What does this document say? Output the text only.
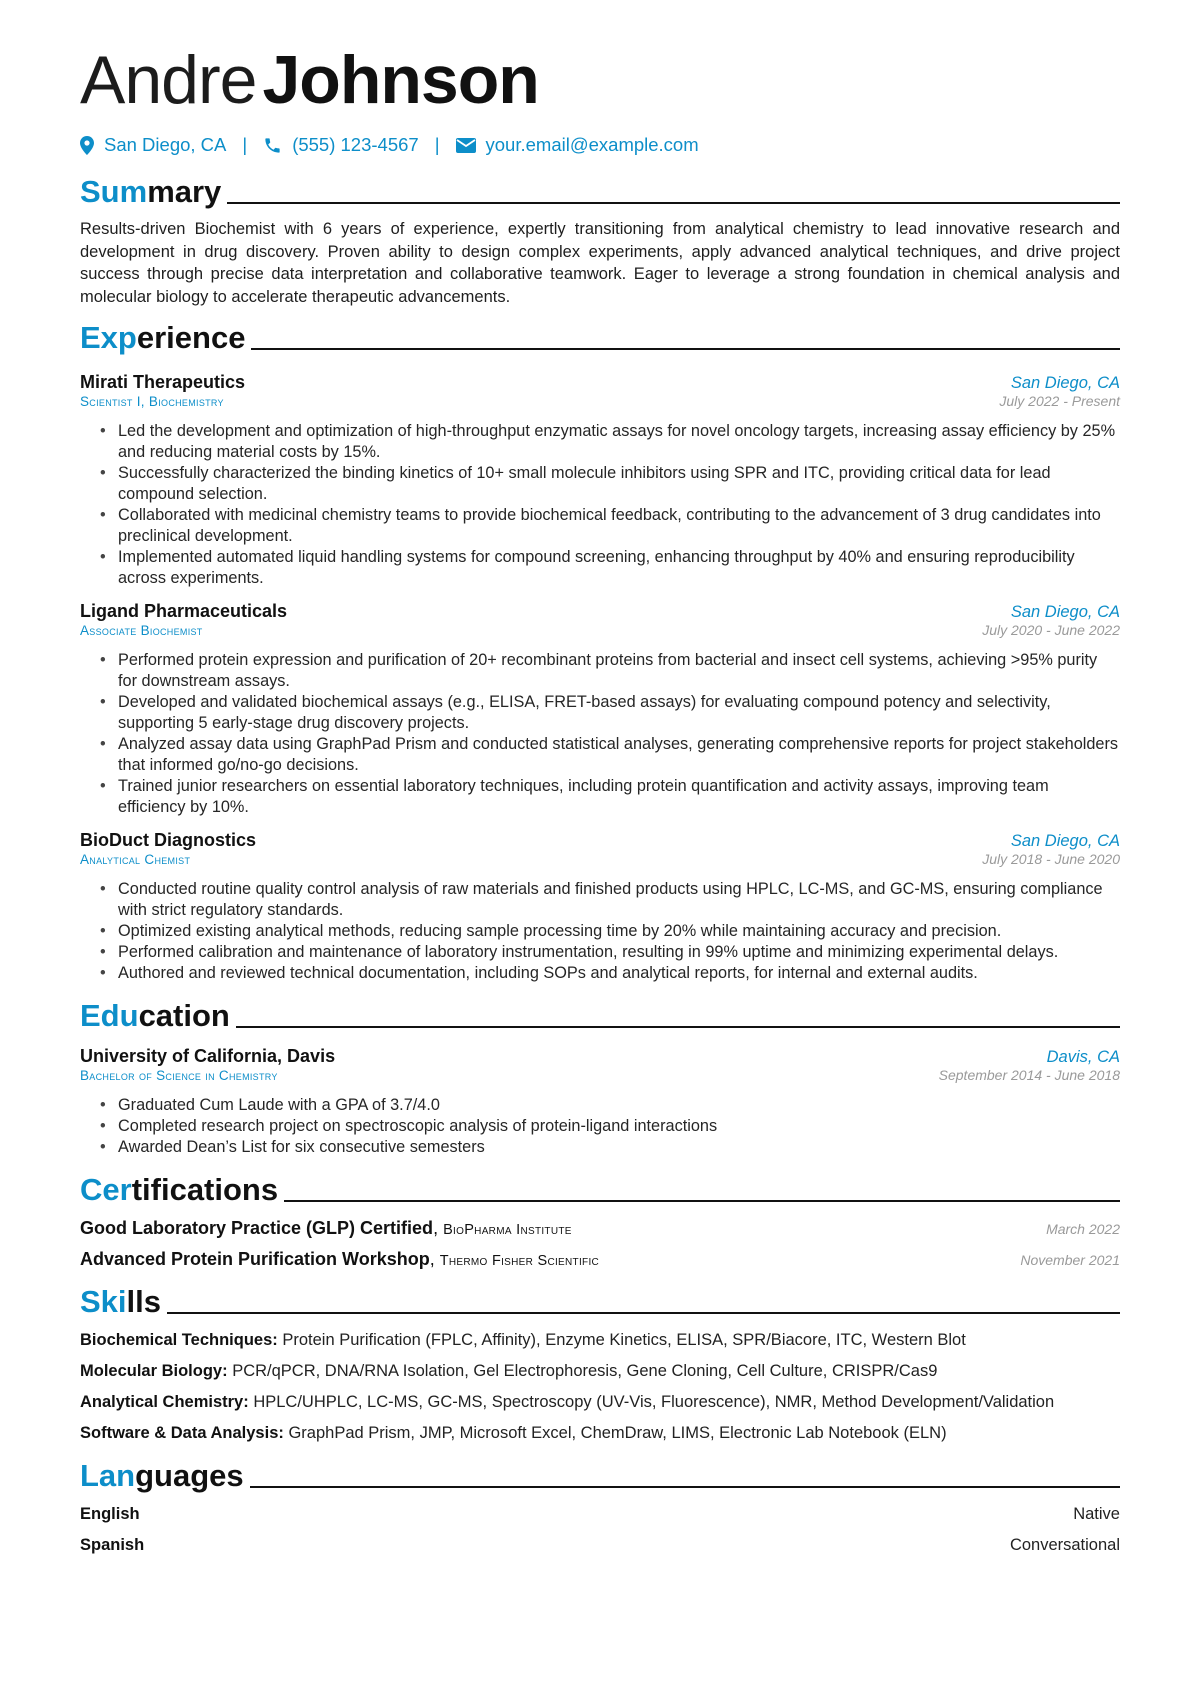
AndreJohnson
San Diego, CA | (555) 123-4567 | your.email@example.com
Summary
Results-driven Biochemist with 6 years of experience, expertly transitioning from analytical chemistry to lead innovative research and development in drug discovery. Proven ability to design complex experiments, apply advanced analytical techniques, and drive project success through precise data interpretation and collaborative teamwork. Eager to leverage a strong foundation in chemical analysis and molecular biology to accelerate therapeutic advancements.
Experience
Mirati Therapeutics	San Diego, CA
Scientist I, Biochemistry	July 2022 - Present
• Led the development and optimization of high-throughput enzymatic assays for novel oncology targets, increasing assay efficiency by 25% and reducing material costs by 15%.
• Successfully characterized the binding kinetics of 10+ small molecule inhibitors using SPR and ITC, providing critical data for lead compound selection.
• Collaborated with medicinal chemistry teams to provide biochemical feedback, contributing to the advancement of 3 drug candidates into preclinical development.
• Implemented automated liquid handling systems for compound screening, enhancing throughput by 40% and ensuring reproducibility across experiments.
Ligand Pharmaceuticals	San Diego, CA
Associate Biochemist	July 2020 - June 2022
• Performed protein expression and purification of 20+ recombinant proteins from bacterial and insect cell systems, achieving >95% purity for downstream assays.
• Developed and validated biochemical assays (e.g., ELISA, FRET-based assays) for evaluating compound potency and selectivity, supporting 5 early-stage drug discovery projects.
• Analyzed assay data using GraphPad Prism and conducted statistical analyses, generating comprehensive reports for project stakeholders that informed go/no-go decisions.
• Trained junior researchers on essential laboratory techniques, including protein quantification and activity assays, improving team efficiency by 10%.
BioDuct Diagnostics	San Diego, CA
Analytical Chemist	July 2018 - June 2020
• Conducted routine quality control analysis of raw materials and finished products using HPLC, LC-MS, and GC-MS, ensuring compliance with strict regulatory standards.
• Optimized existing analytical methods, reducing sample processing time by 20% while maintaining accuracy and precision.
• Performed calibration and maintenance of laboratory instrumentation, resulting in 99% uptime and minimizing experimental delays.
• Authored and reviewed technical documentation, including SOPs and analytical reports, for internal and external audits.
Education
University of California, Davis	Davis, CA
Bachelor of Science in Chemistry	September 2014 - June 2018
• Graduated Cum Laude with a GPA of 3.7/4.0
• Completed research project on spectroscopic analysis of protein-ligand interactions
• Awarded Dean’s List for six consecutive semesters
Certifications
Good Laboratory Practice (GLP) Certified, BioPharma Institute	March 2022
Advanced Protein Purification Workshop, Thermo Fisher Scientific	November 2021
Skills
Biochemical Techniques: Protein Purification (FPLC, Affinity), Enzyme Kinetics, ELISA, SPR/Biacore, ITC, Western Blot
Molecular Biology: PCR/qPCR, DNA/RNA Isolation, Gel Electrophoresis, Gene Cloning, Cell Culture, CRISPR/Cas9
Analytical Chemistry: HPLC/UHPLC, LC-MS, GC-MS, Spectroscopy (UV-Vis, Fluorescence), NMR, Method Development/Validation
Software & Data Analysis: GraphPad Prism, JMP, Microsoft Excel, ChemDraw, LIMS, Electronic Lab Notebook (ELN)
Languages
English	Native
Spanish	Conversational
